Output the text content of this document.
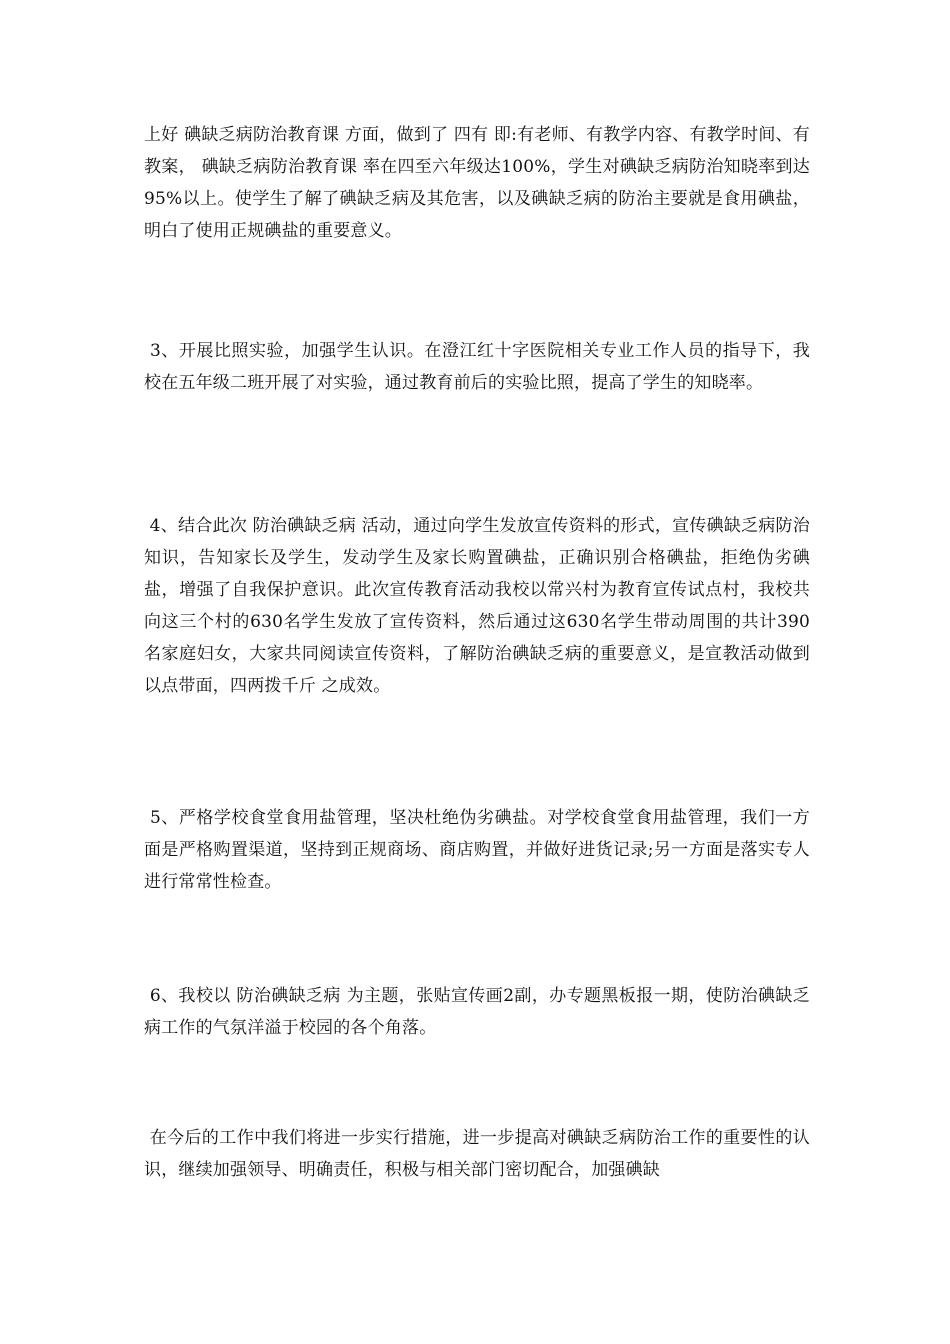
上好 碘缺乏病防治教育课 方面，做到了 四有 即:有老师、有教学内容、有教学时间、有教案， 碘缺乏病防治教育课 率在四至六年级达100%，学生对碘缺乏病防治知晓率到达95%以上。使学生了解了碘缺乏病及其危害，以及碘缺乏病的防治主要就是食用碘盐，明白了使用正规碘盐的重要意义。

3、开展比照实验，加强学生认识。在澄江红十字医院相关专业工作人员的指导下，我校在五年级二班开展了对实验，通过教育前后的实验比照，提高了学生的知晓率。

4、结合此次 防治碘缺乏病 活动，通过向学生发放宣传资料的形式，宣传碘缺乏病防治知识，告知家长及学生，发动学生及家长购置碘盐，正确识别合格碘盐，拒绝伪劣碘盐，增强了自我保护意识。此次宣传教育活动我校以常兴村为教育宣传试点村，我校共向这三个村的630名学生发放了宣传资料，然后通过这630名学生带动周围的共计390名家庭妇女，大家共同阅读宣传资料，了解防治碘缺乏病的重要意义，是宣教活动做到 以点带面，四两拨千斤 之成效。

5、严格学校食堂食用盐管理，坚决杜绝伪劣碘盐。对学校食堂食用盐管理，我们一方面是严格购置渠道，坚持到正规商场、商店购置，并做好进货记录;另一方面是落实专人进行常常性检查。

6、我校以 防治碘缺乏病 为主题，张贴宣传画2副，办专题黑板报一期，使防治碘缺乏病工作的气氛洋溢于校园的各个角落。

在今后的工作中我们将进一步实行措施，进一步提高对碘缺乏病防治工作的重要性的认识，继续加强领导、明确责任，积极与相关部门密切配合，加强碘缺
